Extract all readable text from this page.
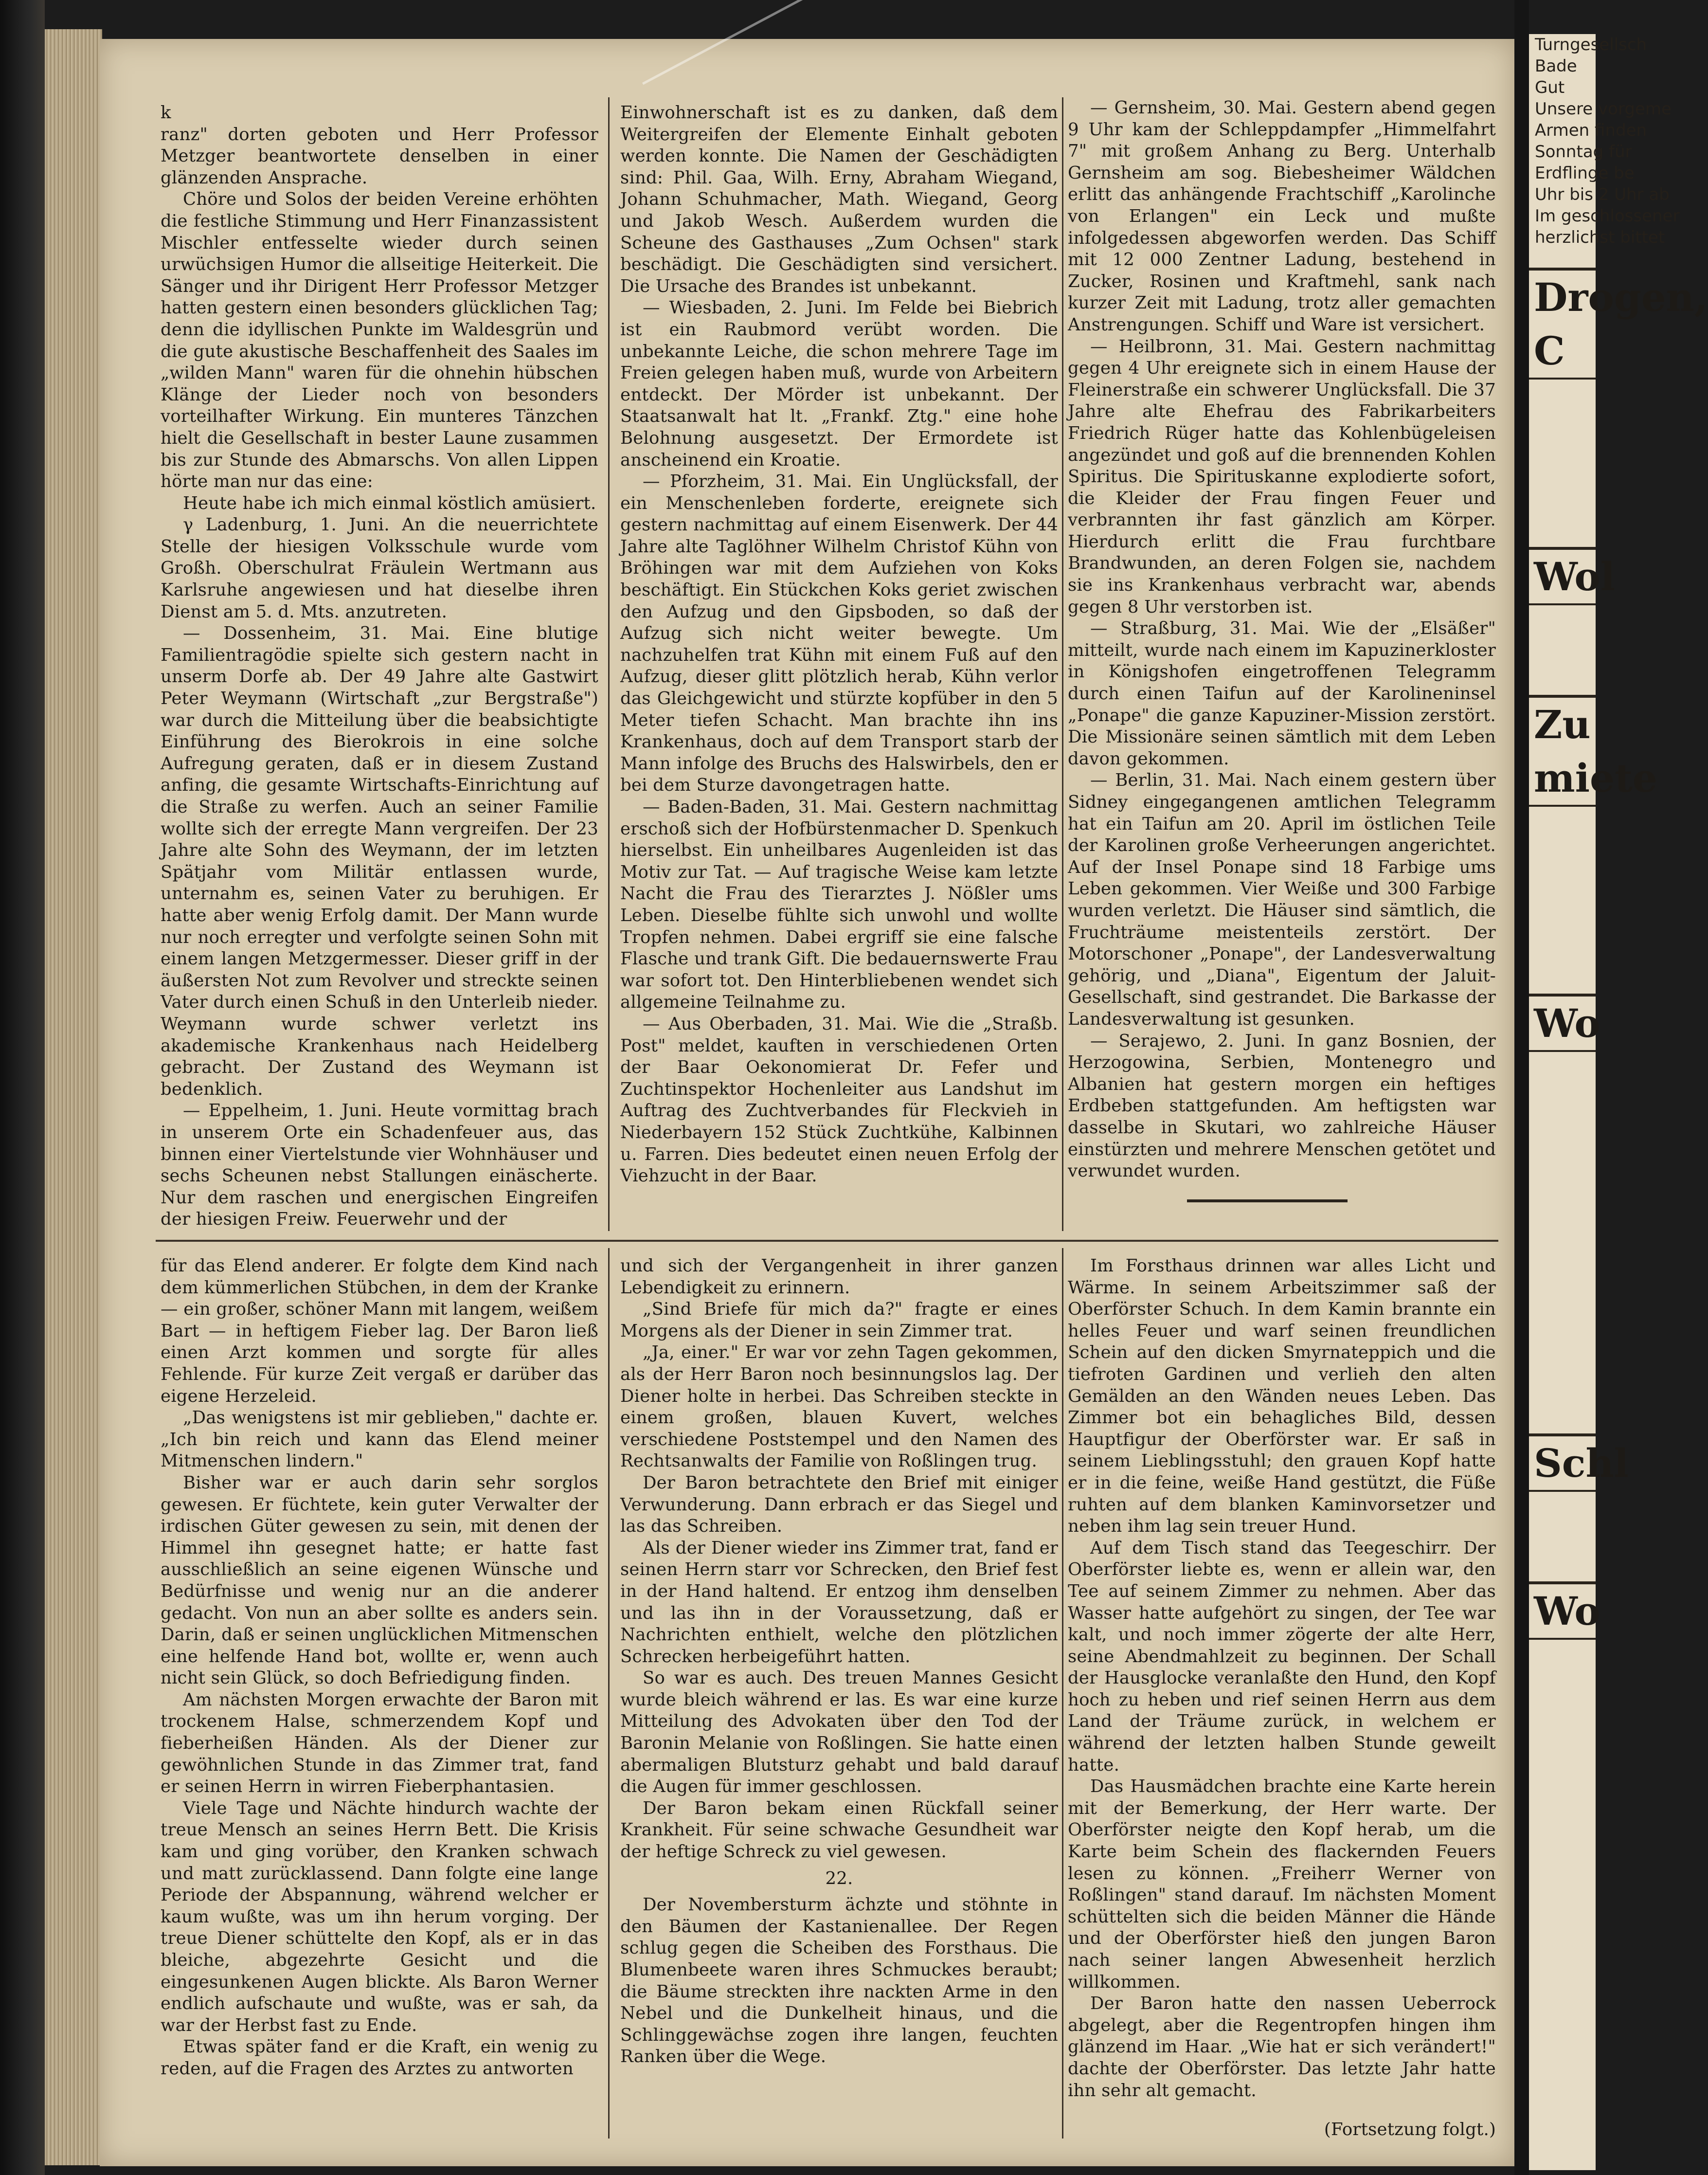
k

ranz" dorten geboten und Herr Professor Metzger beantwortete denselben in einer glänzenden Ansprache.

Chöre und Solos der beiden Vereine erhöhten die festliche Stimmung und Herr Finanzassistent Mischler entfesselte wieder durch seinen urwüchsigen Humor die allseitige Heiterkeit. Die Sänger und ihr Dirigent Herr Professor Metzger hatten gestern einen besonders glücklichen Tag; denn die idyllischen Punkte im Waldesgrün und die gute akustische Beschaffenheit des Saales im „wilden Mann" waren für die ohnehin hübschen Klänge der Lieder noch von besonders vorteilhafter Wirkung. Ein munteres Tänzchen hielt die Gesellschaft in bester Laune zusammen bis zur Stunde des Abmarschs. Von allen Lippen hörte man nur das eine:

Heute habe ich mich einmal köstlich amüsiert.

γ Ladenburg, 1. Juni. An die neuerrichtete Stelle der hiesigen Volksschule wurde vom Großh. Oberschulrat Fräulein Wertmann aus Karlsruhe angewiesen und hat dieselbe ihren Dienst am 5. d. Mts. anzutreten.

— Dossenheim, 31. Mai. Eine blutige Familientragödie spielte sich gestern nacht in unserm Dorfe ab. Der 49 Jahre alte Gastwirt Peter Weymann (Wirtschaft „zur Bergstraße") war durch die Mitteilung über die beabsichtigte Einführung des Bierokrois in eine solche Aufregung geraten, daß er in diesem Zustand anfing, die gesamte Wirtschafts-Einrichtung auf die Straße zu werfen. Auch an seiner Familie wollte sich der erregte Mann vergreifen. Der 23 Jahre alte Sohn des Weymann, der im letzten Spätjahr vom Militär entlassen wurde, unternahm es, seinen Vater zu beruhigen. Er hatte aber wenig Erfolg damit. Der Mann wurde nur noch erregter und verfolgte seinen Sohn mit einem langen Metzgermesser. Dieser griff in der äußersten Not zum Revolver und streckte seinen Vater durch einen Schuß in den Unterleib nieder. Weymann wurde schwer verletzt ins akademische Krankenhaus nach Heidelberg gebracht. Der Zustand des Weymann ist bedenklich.

— Eppelheim, 1. Juni. Heute vormittag brach in unserem Orte ein Schadenfeuer aus, das binnen einer Viertelstunde vier Wohnhäuser und sechs Scheunen nebst Stallungen einäscherte. Nur dem raschen und energischen Eingreifen der hiesigen Freiw. Feuerwehr und der

Einwohnerschaft ist es zu danken, daß dem Weitergreifen der Elemente Einhalt geboten werden konnte. Die Namen der Geschädigten sind: Phil. Gaa, Wilh. Erny, Abraham Wiegand, Johann Schuhmacher, Math. Wiegand, Georg und Jakob Wesch. Außerdem wurden die Scheune des Gasthauses „Zum Ochsen" stark beschädigt. Die Geschädigten sind versichert. Die Ursache des Brandes ist unbekannt.

— Wiesbaden, 2. Juni. Im Felde bei Biebrich ist ein Raubmord verübt worden. Die unbekannte Leiche, die schon mehrere Tage im Freien gelegen haben muß, wurde von Arbeitern entdeckt. Der Mörder ist unbekannt. Der Staatsanwalt hat lt. „Frankf. Ztg." eine hohe Belohnung ausgesetzt. Der Ermordete ist anscheinend ein Kroatie.

— Pforzheim, 31. Mai. Ein Unglücksfall, der ein Menschenleben forderte, ereignete sich gestern nachmittag auf einem Eisenwerk. Der 44 Jahre alte Taglöhner Wilhelm Christof Kühn von Bröhingen war mit dem Aufziehen von Koks beschäftigt. Ein Stückchen Koks geriet zwischen den Aufzug und den Gipsboden, so daß der Aufzug sich nicht weiter bewegte. Um nachzuhelfen trat Kühn mit einem Fuß auf den Aufzug, dieser glitt plötzlich herab, Kühn verlor das Gleichgewicht und stürzte kopfüber in den 5 Meter tiefen Schacht. Man brachte ihn ins Krankenhaus, doch auf dem Transport starb der Mann infolge des Bruchs des Halswirbels, den er bei dem Sturze davongetragen hatte.

— Baden-Baden, 31. Mai. Gestern nachmittag erschoß sich der Hofbürstenmacher D. Spenkuch hierselbst. Ein unheilbares Augenleiden ist das Motiv zur Tat. — Auf tragische Weise kam letzte Nacht die Frau des Tierarztes J. Nößler ums Leben. Dieselbe fühlte sich unwohl und wollte Tropfen nehmen. Dabei ergriff sie eine falsche Flasche und trank Gift. Die bedauernswerte Frau war sofort tot. Den Hinterbliebenen wendet sich allgemeine Teilnahme zu.

— Aus Oberbaden, 31. Mai. Wie die „Straßb. Post" meldet, kauften in verschiedenen Orten der Baar Oekonomierat Dr. Fefer und Zuchtinspektor Hochenleiter aus Landshut im Auftrag des Zuchtverbandes für Fleckvieh in Niederbayern 152 Stück Zuchtkühe, Kalbinnen u. Farren. Dies bedeutet einen neuen Erfolg der Viehzucht in der Baar.

— Gernsheim, 30. Mai. Gestern abend gegen 9 Uhr kam der Schleppdampfer „Himmelfahrt 7" mit großem Anhang zu Berg. Unterhalb Gernsheim am sog. Biebesheimer Wäldchen erlitt das anhängende Frachtschiff „Karolinche von Erlangen" ein Leck und mußte infolgedessen abgeworfen werden. Das Schiff mit 12 000 Zentner Ladung, bestehend in Zucker, Rosinen und Kraftmehl, sank nach kurzer Zeit mit Ladung, trotz aller gemachten Anstrengungen. Schiff und Ware ist versichert.

— Heilbronn, 31. Mai. Gestern nachmittag gegen 4 Uhr ereignete sich in einem Hause der Fleinerstraße ein schwerer Unglücksfall. Die 37 Jahre alte Ehefrau des Fabrikarbeiters Friedrich Rüger hatte das Kohlenbügeleisen angezündet und goß auf die brennenden Kohlen Spiritus. Die Spirituskanne explodierte sofort, die Kleider der Frau fingen Feuer und verbrannten ihr fast gänzlich am Körper. Hierdurch erlitt die Frau furchtbare Brandwunden, an deren Folgen sie, nachdem sie ins Krankenhaus verbracht war, abends gegen 8 Uhr verstorben ist.

— Straßburg, 31. Mai. Wie der „Elsäßer" mitteilt, wurde nach einem im Kapuzinerkloster in Königshofen eingetroffenen Telegramm durch einen Taifun auf der Karolineninsel „Ponape" die ganze Kapuziner-Mission zerstört. Die Missionäre seinen sämtlich mit dem Leben davon gekommen.

— Berlin, 31. Mai. Nach einem gestern über Sidney eingegangenen amtlichen Telegramm hat ein Taifun am 20. April im östlichen Teile der Karolinen große Verheerungen angerichtet. Auf der Insel Ponape sind 18 Farbige ums Leben gekommen. Vier Weiße und 300 Farbige wurden verletzt. Die Häuser sind sämtlich, die Fruchträume meistenteils zerstört. Der Motorschoner „Ponape", der Landesverwaltung gehörig, und „Diana", Eigentum der Jaluit-Gesellschaft, sind gestrandet. Die Barkasse der Landesverwaltung ist gesunken.

— Serajewo, 2. Juni. In ganz Bosnien, der Herzogowina, Serbien, Montenegro und Albanien hat gestern morgen ein heftiges Erdbeben stattgefunden. Am heftigsten war dasselbe in Skutari, wo zahlreiche Häuser einstürzten und mehrere Menschen getötet und verwundet wurden.

für das Elend anderer. Er folgte dem Kind nach dem kümmerlichen Stübchen, in dem der Kranke — ein großer, schöner Mann mit langem, weißem Bart — in heftigem Fieber lag. Der Baron ließ einen Arzt kommen und sorgte für alles Fehlende. Für kurze Zeit vergaß er darüber das eigene Herzeleid.

„Das wenigstens ist mir geblieben," dachte er. „Ich bin reich und kann das Elend meiner Mitmenschen lindern."

Bisher war er auch darin sehr sorglos gewesen. Er füchtete, kein guter Verwalter der irdischen Güter gewesen zu sein, mit denen der Himmel ihn gesegnet hatte; er hatte fast ausschließlich an seine eigenen Wünsche und Bedürfnisse und wenig nur an die anderer gedacht. Von nun an aber sollte es anders sein. Darin, daß er seinen unglücklichen Mitmenschen eine helfende Hand bot, wollte er, wenn auch nicht sein Glück, so doch Befriedigung finden.

Am nächsten Morgen erwachte der Baron mit trockenem Halse, schmerzendem Kopf und fieberheißen Händen. Als der Diener zur gewöhnlichen Stunde in das Zimmer trat, fand er seinen Herrn in wirren Fieberphantasien.

Viele Tage und Nächte hindurch wachte der treue Mensch an seines Herrn Bett. Die Krisis kam und ging vorüber, den Kranken schwach und matt zurücklassend. Dann folgte eine lange Periode der Abspannung, während welcher er kaum wußte, was um ihn herum vorging. Der treue Diener schüttelte den Kopf, als er in das bleiche, abgezehrte Gesicht und die eingesunkenen Augen blickte. Als Baron Werner endlich aufschaute und wußte, was er sah, da war der Herbst fast zu Ende.

Etwas später fand er die Kraft, ein wenig zu reden, auf die Fragen des Arztes zu antworten

und sich der Vergangenheit in ihrer ganzen Lebendigkeit zu erinnern.

„Sind Briefe für mich da?" fragte er eines Morgens als der Diener in sein Zimmer trat.

„Ja, einer." Er war vor zehn Tagen gekommen, als der Herr Baron noch besinnungslos lag. Der Diener holte in herbei. Das Schreiben steckte in einem großen, blauen Kuvert, welches verschiedene Poststempel und den Namen des Rechtsanwalts der Familie von Roßlingen trug.

Der Baron betrachtete den Brief mit einiger Verwunderung. Dann erbrach er das Siegel und las das Schreiben.

Als der Diener wieder ins Zimmer trat, fand er seinen Herrn starr vor Schrecken, den Brief fest in der Hand haltend. Er entzog ihm denselben und las ihn in der Voraussetzung, daß er Nachrichten enthielt, welche den plötzlichen Schrecken herbeigeführt hatten.

So war es auch. Des treuen Mannes Gesicht wurde bleich während er las. Es war eine kurze Mitteilung des Advokaten über den Tod der Baronin Melanie von Roßlingen. Sie hatte einen abermaligen Blutsturz gehabt und bald darauf die Augen für immer geschlossen.

Der Baron bekam einen Rückfall seiner Krankheit. Für seine schwache Gesundheit war der heftige Schreck zu viel gewesen.

22.

Der Novembersturm ächzte und stöhnte in den Bäumen der Kastanienallee. Der Regen schlug gegen die Scheiben des Forsthaus. Die Blumenbeete waren ihres Schmuckes beraubt; die Bäume streckten ihre nackten Arme in den Nebel und die Dunkelheit hinaus, und die Schlinggewächse zogen ihre langen, feuchten Ranken über die Wege.

Im Forsthaus drinnen war alles Licht und Wärme. In seinem Arbeitszimmer saß der Oberförster Schuch. In dem Kamin brannte ein helles Feuer und warf seinen freundlichen Schein auf den dicken Smyrnateppich und die tiefroten Gardinen und verlieh den alten Gemälden an den Wänden neues Leben. Das Zimmer bot ein behagliches Bild, dessen Hauptfigur der Oberförster war. Er saß in seinem Lieblingsstuhl; den grauen Kopf hatte er in die feine, weiße Hand gestützt, die Füße ruhten auf dem blanken Kaminvorsetzer und neben ihm lag sein treuer Hund.

Auf dem Tisch stand das Teegeschirr. Der Oberförster liebte es, wenn er allein war, den Tee auf seinem Zimmer zu nehmen. Aber das Wasser hatte aufgehört zu singen, der Tee war kalt, und noch immer zögerte der alte Herr, seine Abendmahlzeit zu beginnen. Der Schall der Hausglocke veranlaßte den Hund, den Kopf hoch zu heben und rief seinen Herrn aus dem Land der Träume zurück, in welchem er während der letzten halben Stunde geweilt hatte.

Das Hausmädchen brachte eine Karte herein mit der Bemerkung, der Herr warte. Der Oberförster neigte den Kopf herab, um die Karte beim Schein des flackernden Feuers lesen zu können. „Freiherr Werner von Roßlingen" stand darauf. Im nächsten Moment schüttelten sich die beiden Männer die Hände und der Oberförster hieß den jungen Baron nach seiner langen Abwesenheit herzlich willkommen.

Der Baron hatte den nassen Ueberrock abgelegt, aber die Regentropfen hingen ihm glänzend im Haar. „Wie hat er sich verändert!" dachte der Oberförster. Das letzte Jahr hatte ihn sehr alt gemacht.

(Fortsetzung folgt.)

Turngesellsch
Bade
Gut
Unsere vorgeme
Armen finden
Sonntag für
Erdflinge be
Uhr bis 2 Uhr ab
Im geschlossener
herzlichst bittet
Drogen, C
Wol
Zu miete
Wo
Schl
Wo
